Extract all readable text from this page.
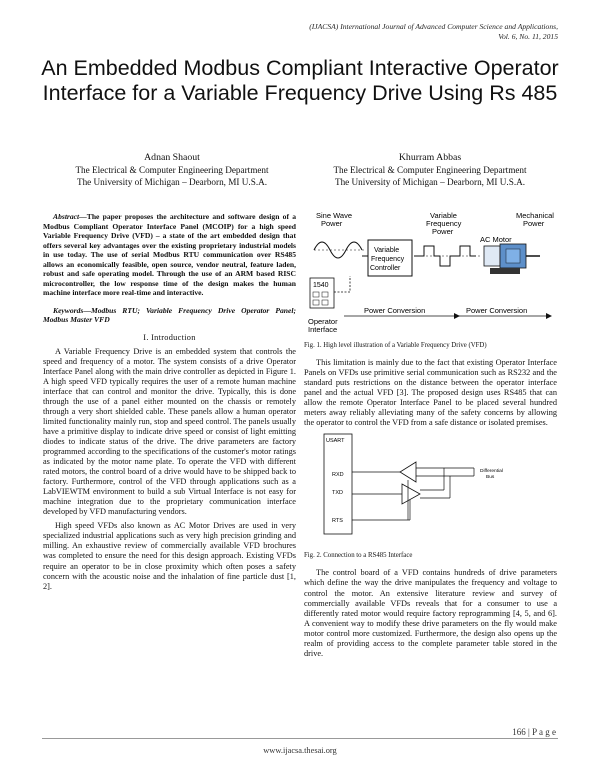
(IJACSA) International Journal of Advanced Computer Science and Applications,
Vol. 6, No. 11, 2015
An Embedded Modbus Compliant Interactive Operator Interface for a Variable Frequency Drive Using Rs 485
Adnan Shaout
The Electrical & Computer Engineering Department
The University of Michigan – Dearborn, MI U.S.A.
Khurram Abbas
The Electrical & Computer Engineering Department
The University of Michigan – Dearborn, MI U.S.A.

Abstract—The paper proposes the architecture and software design of a Modbus Compliant Operator Interface Panel (MCOIP) for a high speed Variable Frequency Drive (VFD) – a state of the art embedded design that offers several key advantages over the existing proprietary industrial models in use today. The use of serial Modbus RTU communication over RS485 allows an economically feasible, open source, vendor neutral, feature laden, robust and safe operating model. Through the use of an ARM based RISC microcontroller, the low response time of the design makes the human machine interface more real-time and interactive.

Keywords—Modbus RTU; Variable Frequency Drive Operator Panel; Modbus Master VFD

I. Introduction

A Variable Frequency Drive is an embedded system that controls the speed and frequency of a motor. The system consists of a drive Operator Interface Panel along with the main drive controller as depicted in Figure 1. A high speed VFD typically requires the user of a remote human machine interface that can control and monitor the drive. Typically, this is done through the use of a panel either mounted on the chassis or remotely through a very short shielded cable. These panels allow a human operator limited functionality mainly run, stop and speed control. The panels usually have a primitive display to indicate drive speed or consist of light emitting diodes to indicate status of the drive. The drive parameters are factory programmed according to the specifications of the customer's motor ratings as indicated by the motor name plate. To operate the VFD with different rated motors, the control board of a drive would have to be shipped back to factory. Furthermore, control of the VFD through applications such as a LabVIEWTM environment to build a sub Virtual Interface is not easy for machine integration due to the proprietary communication interface developed by VFD manufacturing vendors.

High speed VFDs also known as AC Motor Drives are used in very specialized industrial applications such as very high precision grinding and milling. An exhaustive review of commercially available VFD brochures was completed to ensure the need for this design approach. Existing VFDs require an operator to be in close proximity which often poses a safety concern with the acoustic noise and the inhalation of fine particle dust [1, 2].

Sine Wave
Power
Variable
Frequency
Power
Mechanical
Power
Variable
Frequency
Controller
AC Motor
1540
Power Conversion	Power Conversion
Operator
Interface
Fig. 1. High level illustration of a Variable Frequency Drive (VFD)

This limitation is mainly due to the fact that existing Operator Interface Panels on VFDs use primitive serial communication such as RS232 and the standard puts restrictions on the distance between the operator interface panel and the actual VFD [3]. The proposed design uses RS485 that can allow the remote Operator Interface Panel to be placed several hundred meters away reliably alleviating many of the safety concerns by allowing the operator to control the VFD from a safe distance or isolated premises.

USART
RXD
TXD
RTS
Differential
Bus
Fig. 2. Connection to a RS485 Interface

The control board of a VFD contains hundreds of drive parameters which define the way the drive manipulates the frequency and voltage to control the motor. An extensive literature review and survey of commercially available VFDs reveals that for a consumer to use a differently rated motor would require factory reprogramming [4, 5, and 6]. A convenient way to modify these drive parameters on the fly would make motor control more customized. Furthermore, the design also opens up the realm of providing access to the complete parameter table stored in the drive.

166 | P a g e
www.ijacsa.thesai.org
